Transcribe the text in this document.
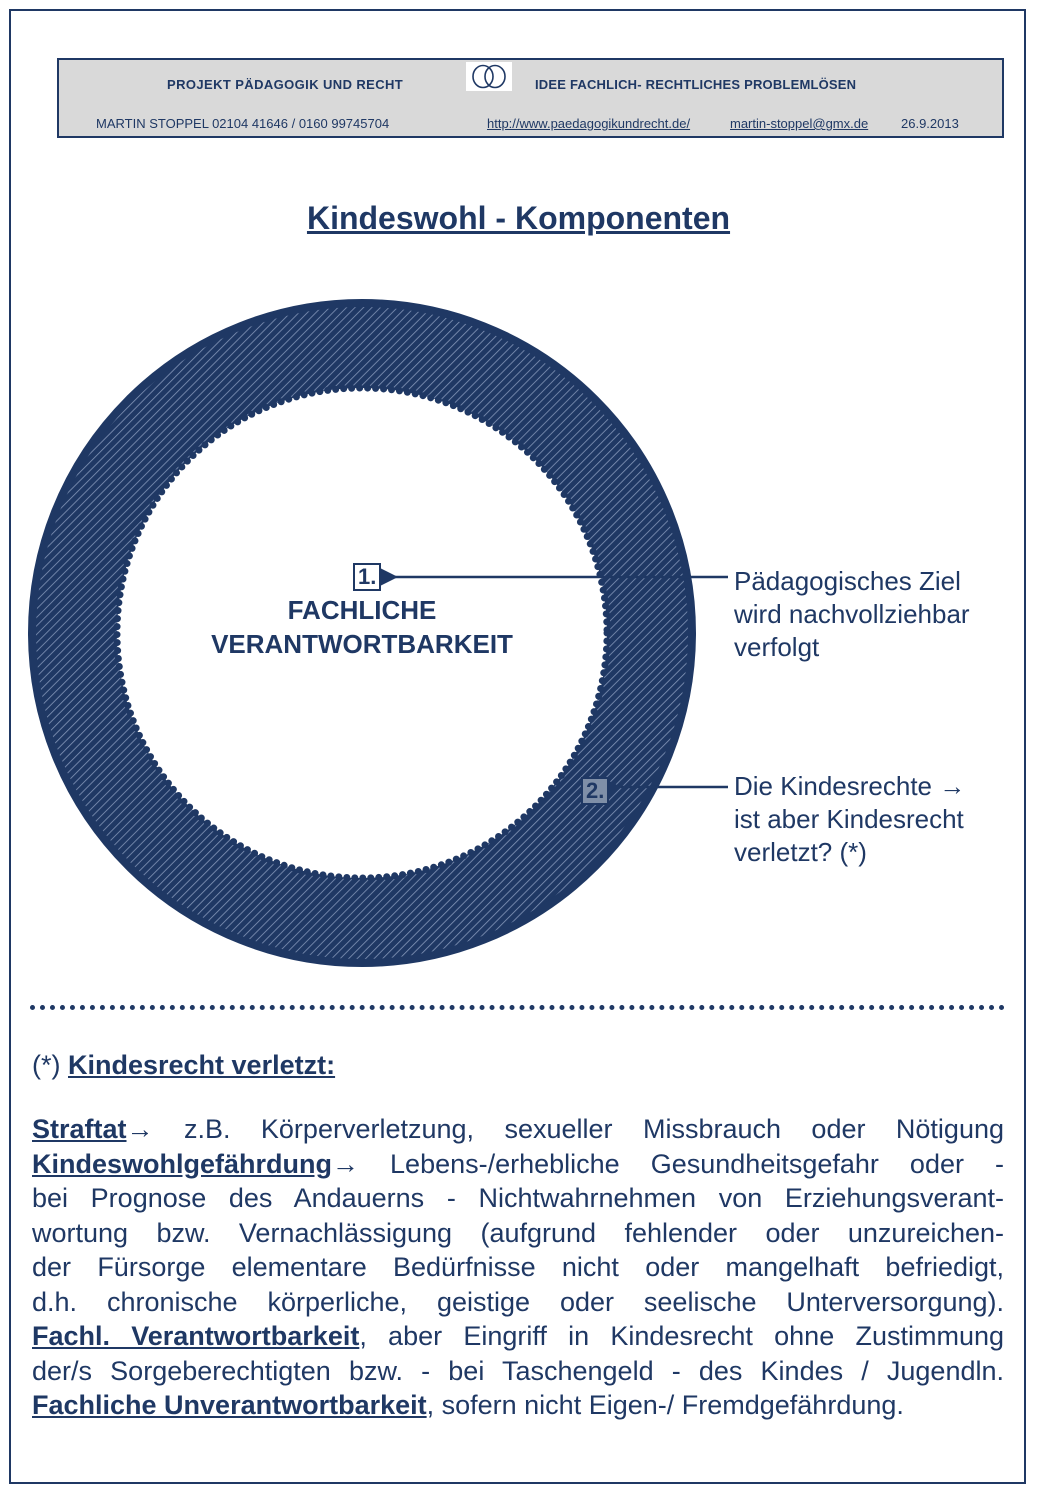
PROJEKT PÄDAGOGIK UND RECHT	IDEE FACHLICH- RECHTLICHES PROBLEMLÖSEN
MARTIN STOPPEL 02104 41646 / 0160 99745704	http://www.paedagogikundrecht.de/	martin-stoppel@gmx.de	26.9.2013
Kindeswohl - Komponenten
1.
FACHLICHE
VERANTWORTBARKEIT
2.
Pädagogisches Ziel
wird nachvollziehbar
verfolgt
Die Kindesrechte →
ist aber Kindesrecht
verletzt? (*)
(*) Kindesrecht verletzt:
Straftat→ z.B. Körperverletzung, sexueller Missbrauch oder Nötigung
Kindeswohlgefährdung→ Lebens-/erhebliche Gesundheitsgefahr oder -
bei Prognose des Andauerns - Nichtwahrnehmen von Erziehungsverant-
wortung bzw. Vernachlässigung (aufgrund fehlender oder unzureichen-
der Fürsorge elementare Bedürfnisse nicht oder mangelhaft befriedigt,
d.h. chronische körperliche, geistige oder seelische Unterversorgung).
Fachl. Verantwortbarkeit, aber Eingriff in Kindesrecht ohne Zustimmung
der/s Sorgeberechtigten bzw. - bei Taschengeld - des Kindes / Jugendln.
Fachliche Unverantwortbarkeit, sofern nicht Eigen-/ Fremdgefährdung.
